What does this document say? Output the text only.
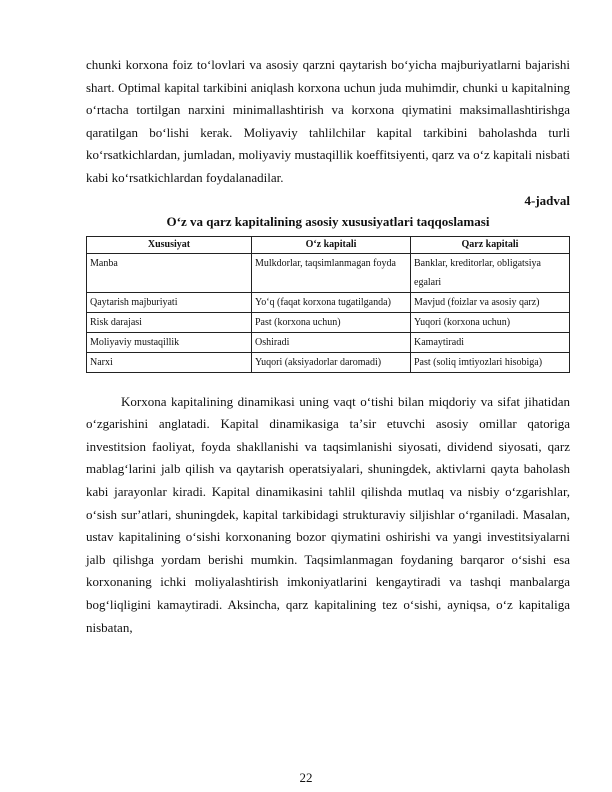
chunki korxona foiz toʻlovlari va asosiy qarzni qaytarish boʻyicha majburiyatlarni bajarishi shart. Optimal kapital tarkibini aniqlash korxona uchun juda muhimdir, chunki u kapitalning oʻrtacha tortilgan narxini minimallashtirish va korxona qiymatini maksimallashtirishga qaratilgan boʻlishi kerak. Moliyaviy tahlilchilar kapital tarkibini baholashda turli koʻrsatkichlardan, jumladan, moliyaviy mustaqillik koeffitsiyenti, qarz va oʻz kapitali nisbati kabi koʻrsatkichlardan foydalanadilar.

4-jadval

O‘z va qarz kapitalining asosiy xususiyatlari taqqoslamasi

Xususiyat	O‘z kapitali	Qarz kapitali
Manba	Mulkdorlar, taqsimlanmagan foyda	Banklar, kreditorlar, obligatsiya egalari
Qaytarish majburiyati	Yoʻq (faqat korxona tugatilganda)	Mavjud (foizlar va asosiy qarz)
Risk darajasi	Past (korxona uchun)	Yuqori (korxona uchun)
Moliyaviy mustaqillik	Oshiradi	Kamaytiradi
Narxi	Yuqori (aksiyadorlar daromadi)	Past (soliq imtiyozlari hisobiga)

Korxona kapitalining dinamikasi uning vaqt oʻtishi bilan miqdoriy va sifat jihatidan oʻzgarishini anglatadi. Kapital dinamikasiga taʼsir etuvchi asosiy omillar qatoriga investitsion faoliyat, foyda shakllanishi va taqsimlanishi siyosati, dividend siyosati, qarz mablagʻlarini jalb qilish va qaytarish operatsiyalari, shuningdek, aktivlarni qayta baholash kabi jarayonlar kiradi. Kapital dinamikasini tahlil qilishda mutlaq va nisbiy oʻzgarishlar, oʻsish surʼatlari, shuningdek, kapital tarkibidagi strukturaviy siljishlar oʻrganiladi. Masalan, ustav kapitalining oʻsishi korxonaning bozor qiymatini oshirishi va yangi investitsiyalarni jalb qilishga yordam berishi mumkin. Taqsimlanmagan foydaning barqaror oʻsishi esa korxonaning ichki moliyalashtirish imkoniyatlarini kengaytiradi va tashqi manbalarga bogʻliqligini kamaytiradi. Aksincha, qarz kapitalining tez oʻsishi, ayniqsa, oʻz kapitaliga nisbatan,

22
